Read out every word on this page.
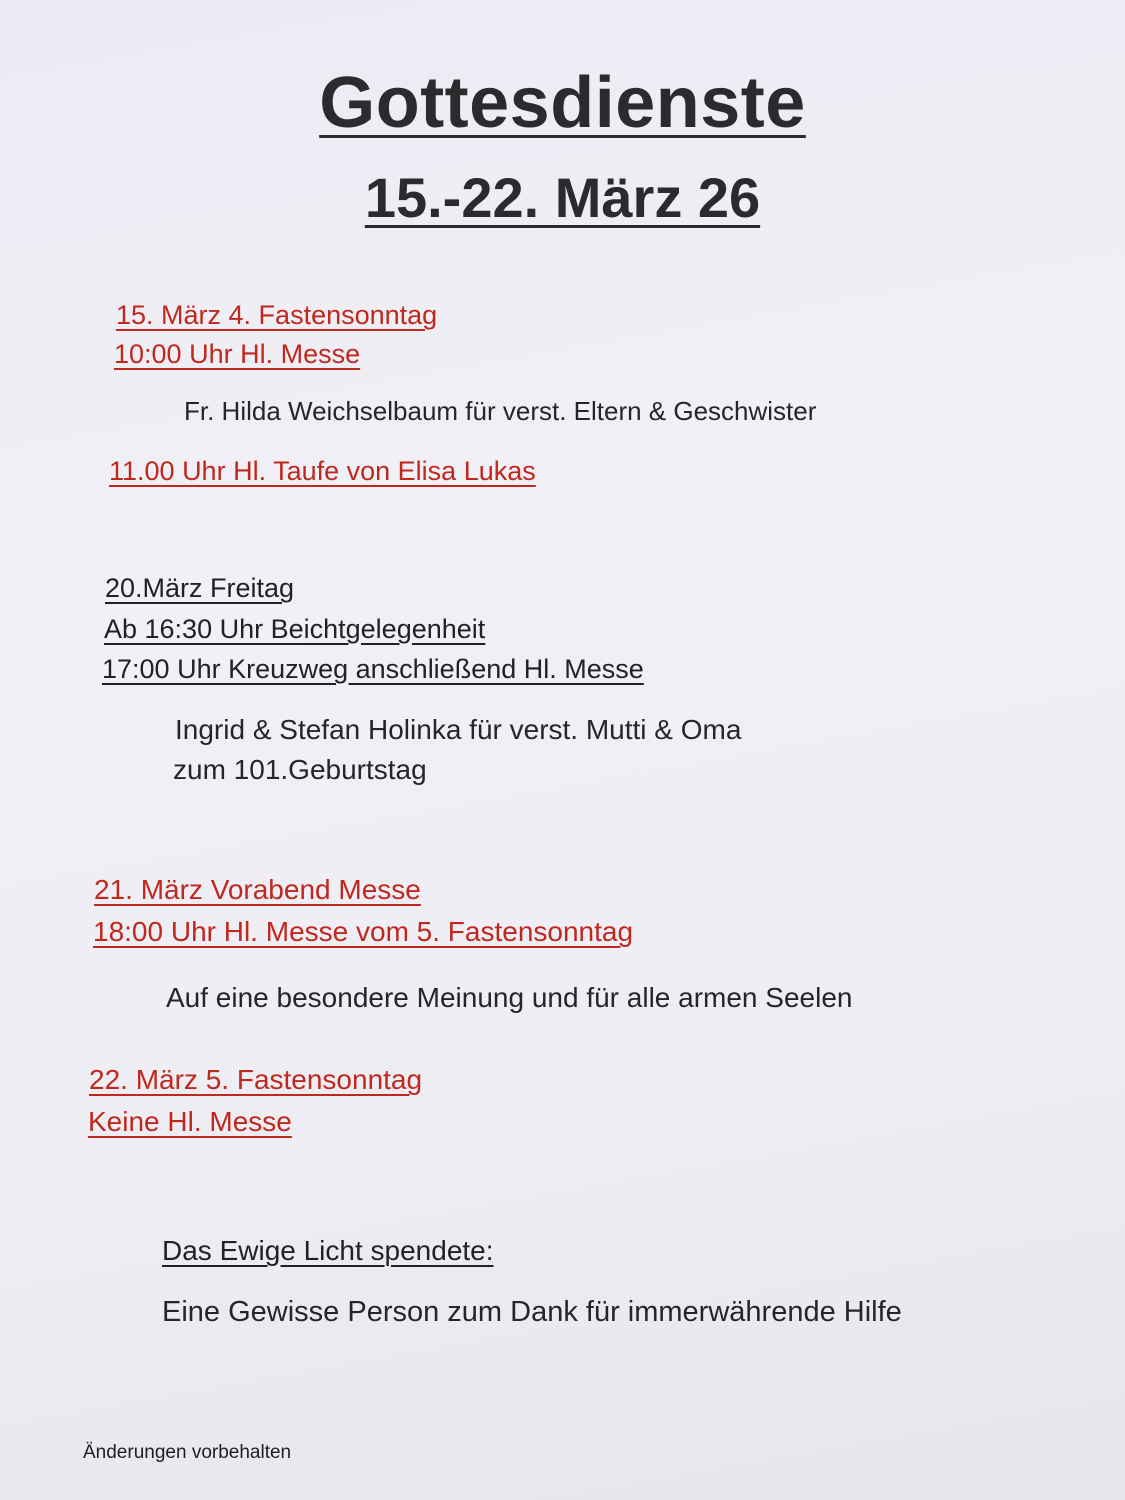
Gottesdienste
15.-22. März 26

15. März 4. Fastensonntag

10:00 Uhr Hl. Messe

Fr. Hilda Weichselbaum für verst. Eltern & Geschwister

11.00 Uhr Hl. Taufe von Elisa Lukas

20.März Freitag

Ab 16:30 Uhr Beichtgelegenheit

17:00 Uhr Kreuzweg anschließend Hl. Messe

Ingrid & Stefan Holinka für verst. Mutti & Oma

zum 101.Geburtstag

21. März Vorabend Messe

18:00 Uhr Hl. Messe vom 5. Fastensonntag

Auf eine besondere Meinung und für alle armen Seelen

22. März 5. Fastensonntag

Keine Hl. Messe

Das Ewige Licht spendete:

Eine Gewisse Person zum Dank für immerwährende Hilfe

Änderungen vorbehalten
